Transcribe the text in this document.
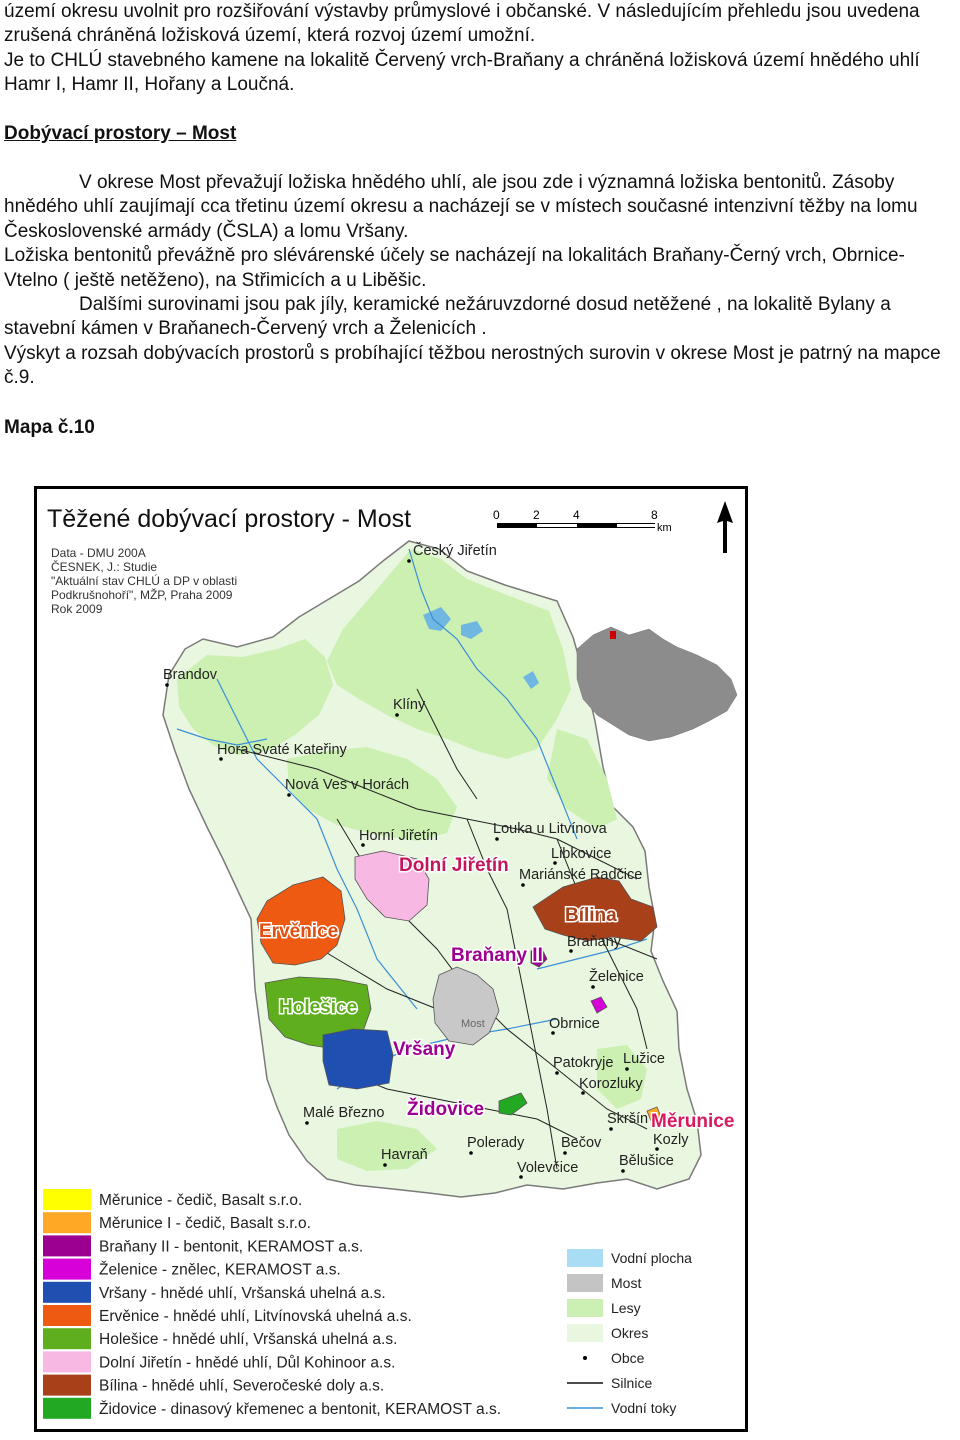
území okresu uvolnit pro rozšiřování výstavby průmyslové i občanské. V následujícím přehledu jsou uvedena zrušená chráněná ložisková území, která rozvoj území umožní.

Je to CHLÚ stavebného kamene na lokalitě Červený vrch-Braňany a chráněná ložisková území hnědého uhlí Hamr I, Hamr II, Hořany a Loučná.

Dobývací prostory – Most

V okrese Most převažují ložiska hnědého uhlí, ale jsou zde i významná ložiska bentonitů. Zásoby hnědého uhlí zaujímají cca třetinu území okresu a nacházejí se v místech současné intenzivní těžby na lomu Československé armády (ČSLA) a lomu Vršany.

Ložiska bentonitů převážně pro slévárenské účely se nacházejí na lokalitách Braňany-Černý vrch, Obrnice-Vtelno ( ještě netěženo), na Střimicích a u Liběšic.

Dalšími surovinami jsou pak jíly, keramické nežáruvzdorné dosud netěžené , na lokalitě Bylany a stavební kámen v Braňanech-Červený vrch a Želenicích .

Výskyt a rozsah dobývacích prostorů s probíhající těžbou nerostných surovin v okrese Most je patrný na mapce č.9.

Mapa č.10

Těžené dobývací prostory - Most	0	2	4	8
km
Data - DMU 200A
ČESNEK, J.: Studie
"Aktuální stav CHLÚ a DP v oblasti
Podkrušnohoří", MŽP, Praha 2009
Rok 2009
Český Jiřetín
Brandov
Klíny
Hora Svaté Kateřiny
Nová Ves v Horách
Horní Jiřetín	Louka u Litvínova
Libkovice
Mariánské Radčice
Braňany
Želenice
Most	Obrnice
Patokryje Lužice
Korozluky
Malé Březno	Skršín
Kozly
Polerady	Bečov
Bělušice
Havraň
Volevčice
Dolní Jiřetín
Ervěnice
Bílina
Braňany II
Holešice
Vršany
Židovice
Měrunice
Měrunice - čedič, Basalt s.r.o.
Měrunice I - čedič, Basalt s.r.o.
Braňany II - bentonit, KERAMOST a.s.
Želenice - znělec, KERAMOST a.s.
Vršany - hnědé uhlí, Vršanská uhelná a.s.
Ervěnice - hnědé uhlí, Litvínovská uhelná a.s.
Holešice - hnědé uhlí, Vršanská uhelná a.s.
Dolní Jiřetín - hnědé uhlí, Důl Kohinoor a.s.
Bílina - hnědé uhlí, Severočeské doly a.s.
Židovice - dinasový křemenec a bentonit, KERAMOST a.s.
Vodní plocha
Most
Lesy
Okres
Obce
Silnice
Vodní toky
